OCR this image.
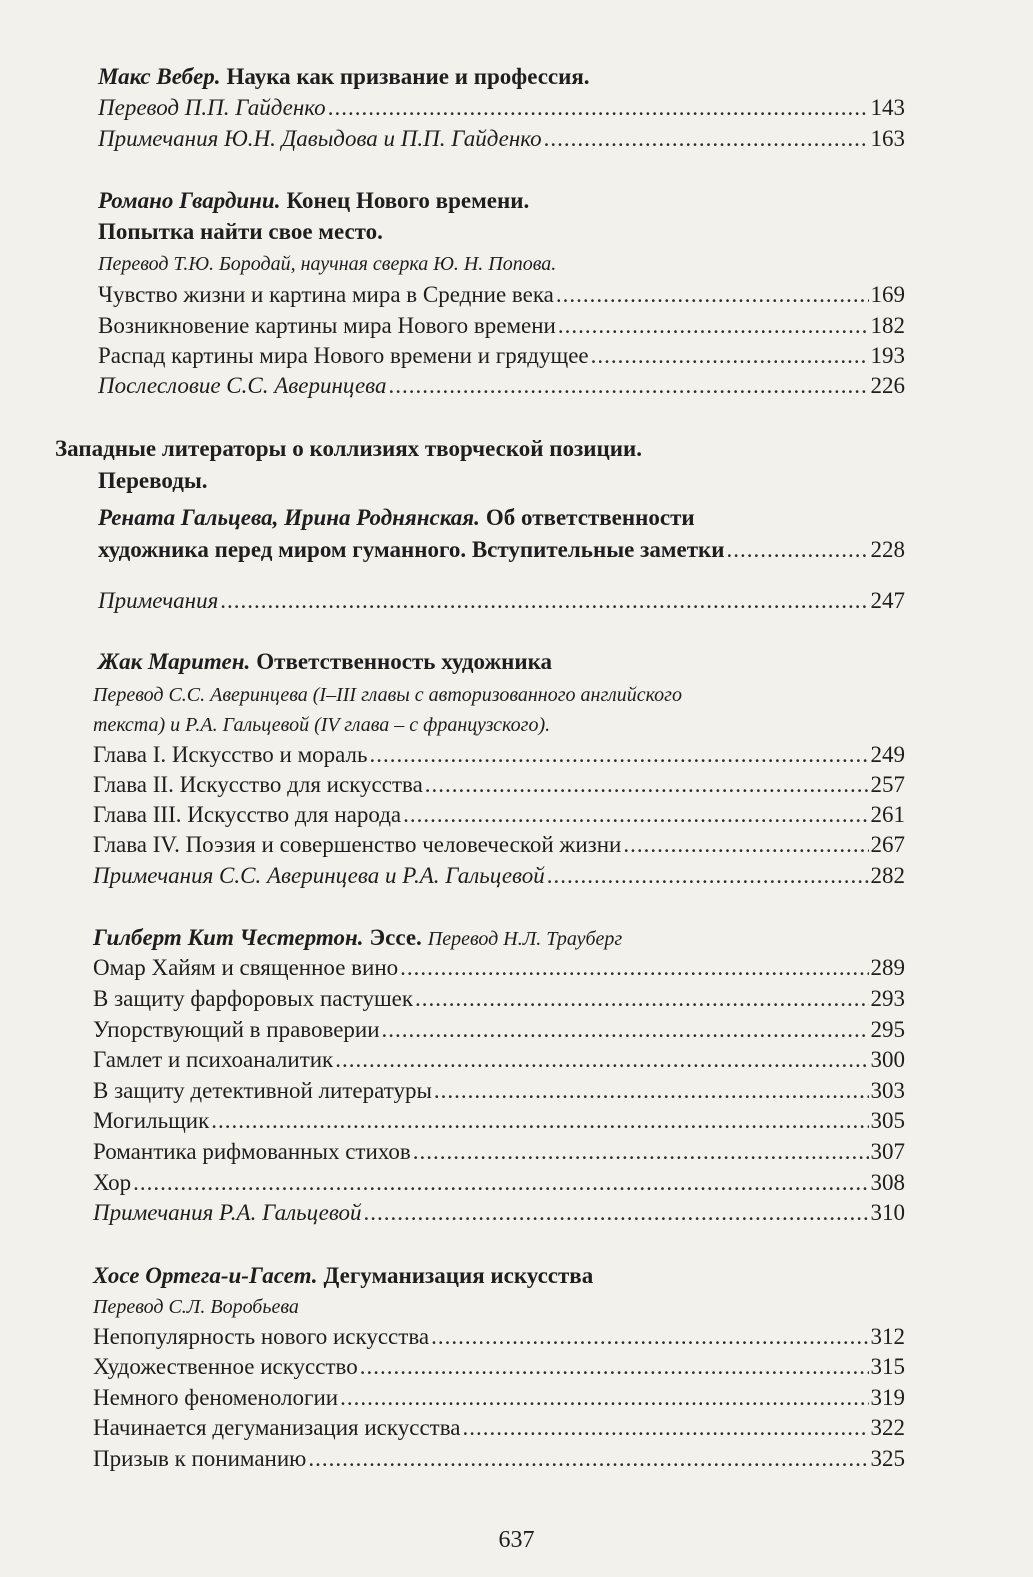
Макс Вебер. Наука как призвание и профессия.
Перевод П.П. Гайденко .....	143
Примечания Ю.Н. Давыдова и П.П. Гайденко .....	163
Романо Гвардини. Конец Нового времени.
Попытка найти свое место.
Перевод Т.Ю. Бородай, научная сверка Ю. Н. Попова.
Чувство жизни и картина мира в Средние века .....	169
Возникновение картины мира Нового времени .....	182
Распад картины мира Нового времени и грядущее .....	193
Послесловие С.С. Аверинцева .....	226
Западные литераторы о коллизиях творческой позиции.
Переводы.
Рената Гальцева, Ирина Роднянская. Об ответственности
художника перед миром гуманного. Вступительные заметки .....	228
Примечания .....	247
Жак Маритен. Ответственность художника
Перевод С.С. Аверинцева (I–III главы с авторизованного английского
текста) и Р.А. Гальцевой (IV глава – с французского).
Глава I. Искусство и мораль .....	249
Глава II. Искусство для искусства .....	257
Глава III. Искусство для народа .....	261
Глава IV. Поэзия и совершенство человеческой жизни .....	267
Примечания С.С. Аверинцева и Р.А. Гальцевой .....	282
Гилберт Кит Честертон. Эссе. Перевод Н.Л. Трауберг
Омар Хайям и священное вино .....	289
В защиту фарфоровых пастушек .....	293
Упорствующий в правоверии .....	295
Гамлет и психоаналитик .....	300
В защиту детективной литературы .....	303
Могильщик .....	305
Романтика рифмованных стихов .....	307
Хор .....	308
Примечания Р.А. Гальцевой .....	310
Хосе Ортега-и-Гасет. Дегуманизация искусства
Перевод С.Л. Воробьева
Непопулярность нового искусства .....	312
Художественное искусство .....	315
Немного феноменологии .....	319
Начинается дегуманизация искусства .....	322
Призыв к пониманию .....	325
637
